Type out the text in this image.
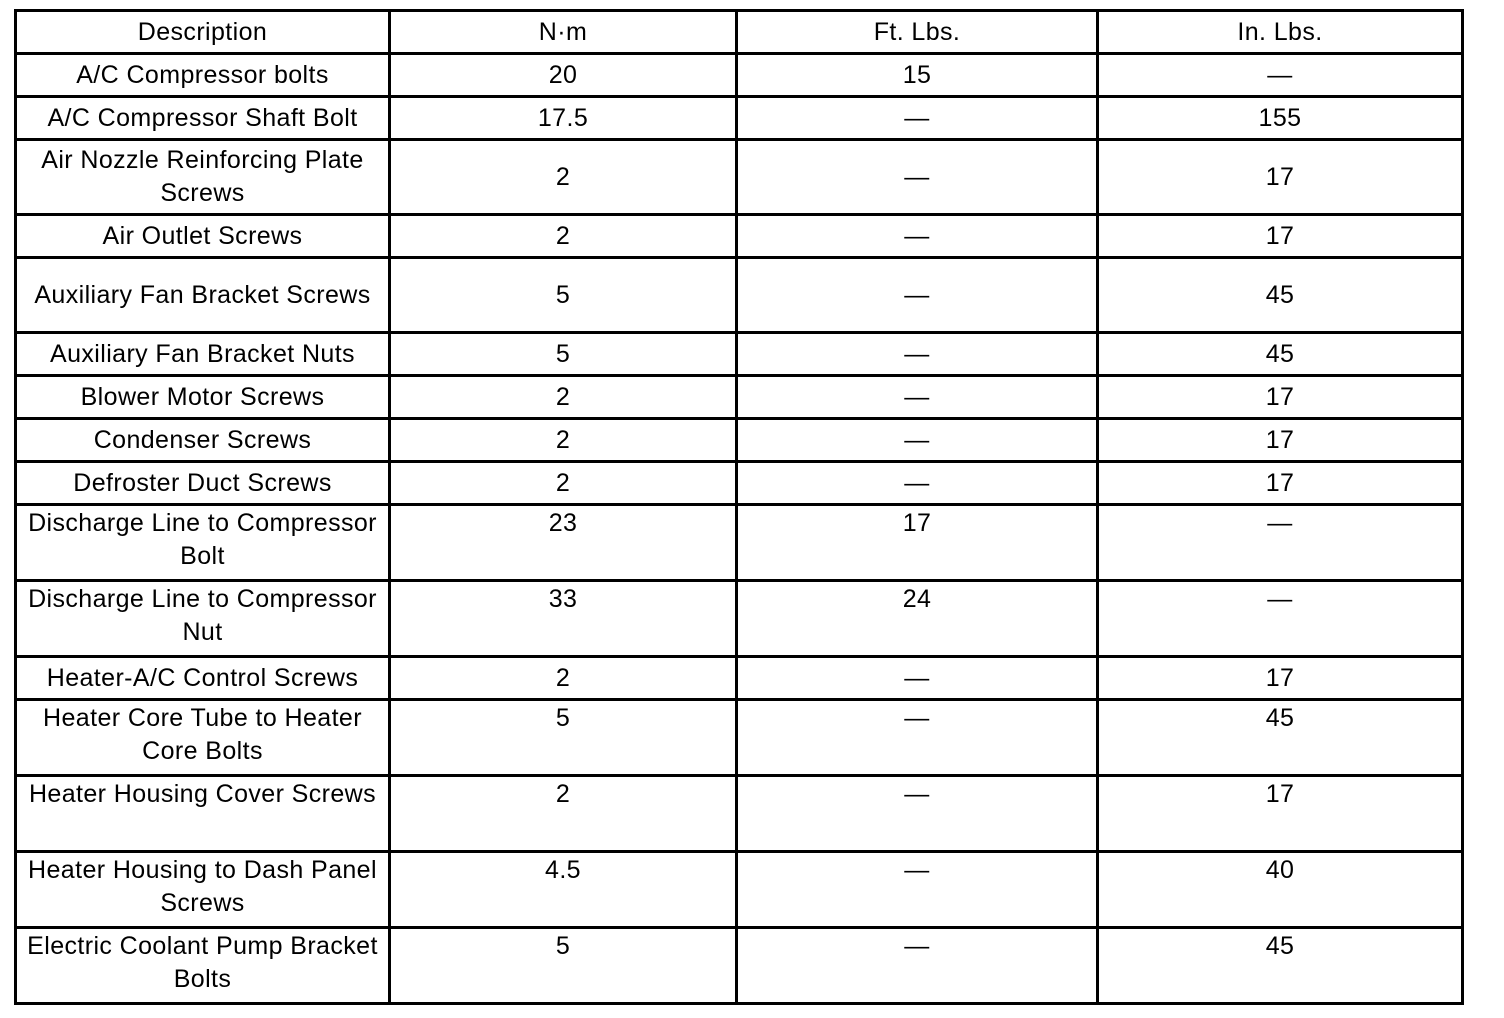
Description	N·m	Ft. Lbs.	In. Lbs.
A/C Compressor bolts	20	15	—
A/C Compressor Shaft Bolt	17.5	—	155
Air Nozzle Reinforcing Plate Screws	2	—	17
Air Outlet Screws	2	—	17
Auxiliary Fan Bracket Screws	5	—	45
Auxiliary Fan Bracket Nuts	5	—	45
Blower Motor Screws	2	—	17
Condenser Screws	2	—	17
Defroster Duct Screws	2	—	17
Discharge Line to Compressor Bolt	23	17	—
Discharge Line to Compressor Nut	33	24	—
Heater-A/C Control Screws	2	—	17
Heater Core Tube to Heater Core Bolts	5	—	45
Heater Housing Cover Screws	2	—	17
Heater Housing to Dash Panel Screws	4.5	—	40
Electric Coolant Pump Bracket Bolts	5	—	45
